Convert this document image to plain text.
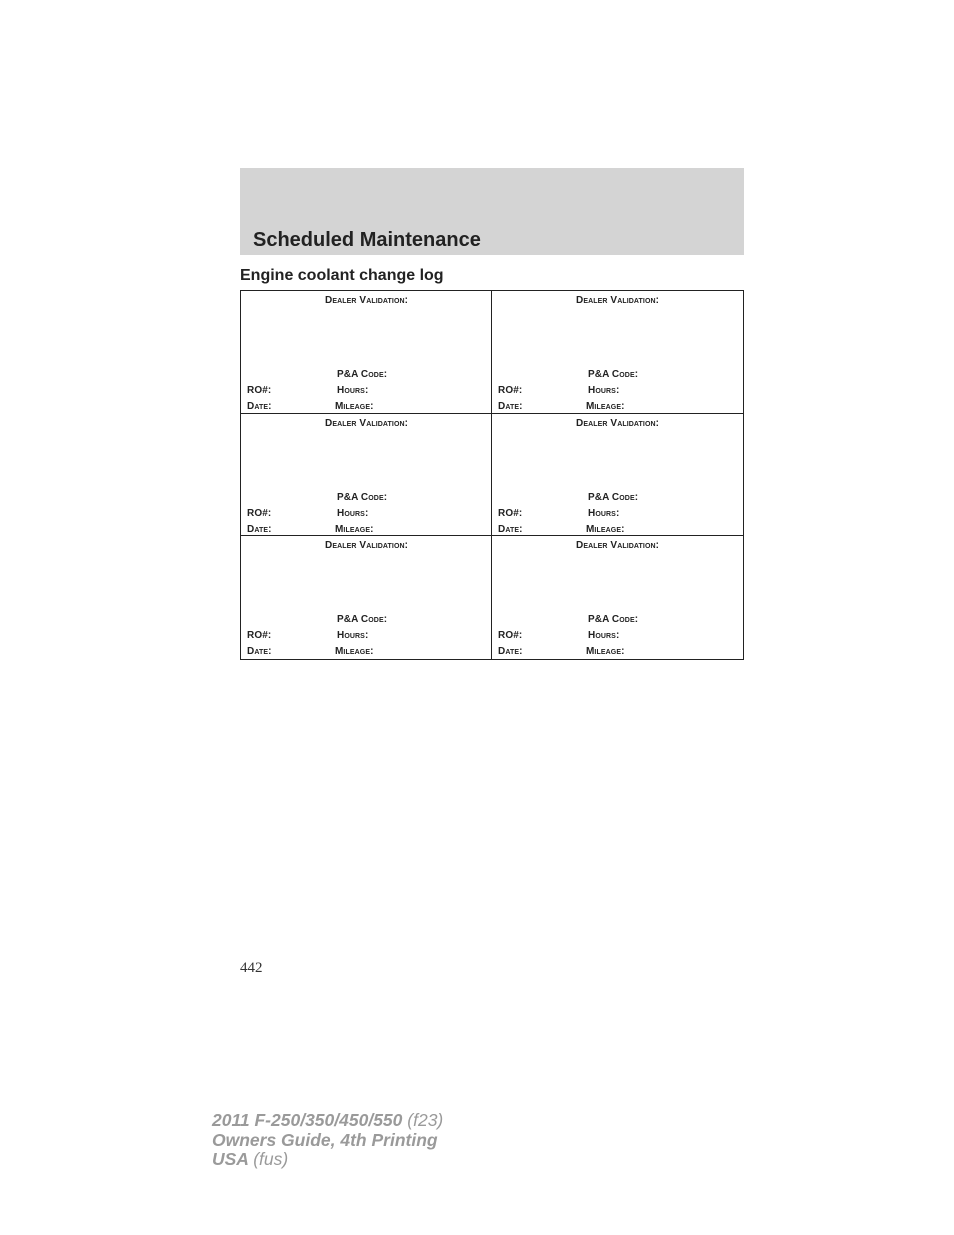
Scheduled Maintenance
Engine coolant change log
Dealer Validation:
P&A Code:
RO#:	Hours:
Date:	Mileage:
Dealer Validation:
P&A Code:
RO#:	Hours:
Date:	Mileage:
Dealer Validation:
P&A Code:
RO#:	Hours:
Date:	Mileage:
Dealer Validation:
P&A Code:
RO#:	Hours:
Date:	Mileage:
Dealer Validation:
P&A Code:
RO#:	Hours:
Date:	Mileage:
Dealer Validation:
P&A Code:
RO#:	Hours:
Date:	Mileage:
442
2011 F-250/350/450/550 (f23)
Owners Guide, 4th Printing
USA (fus)
